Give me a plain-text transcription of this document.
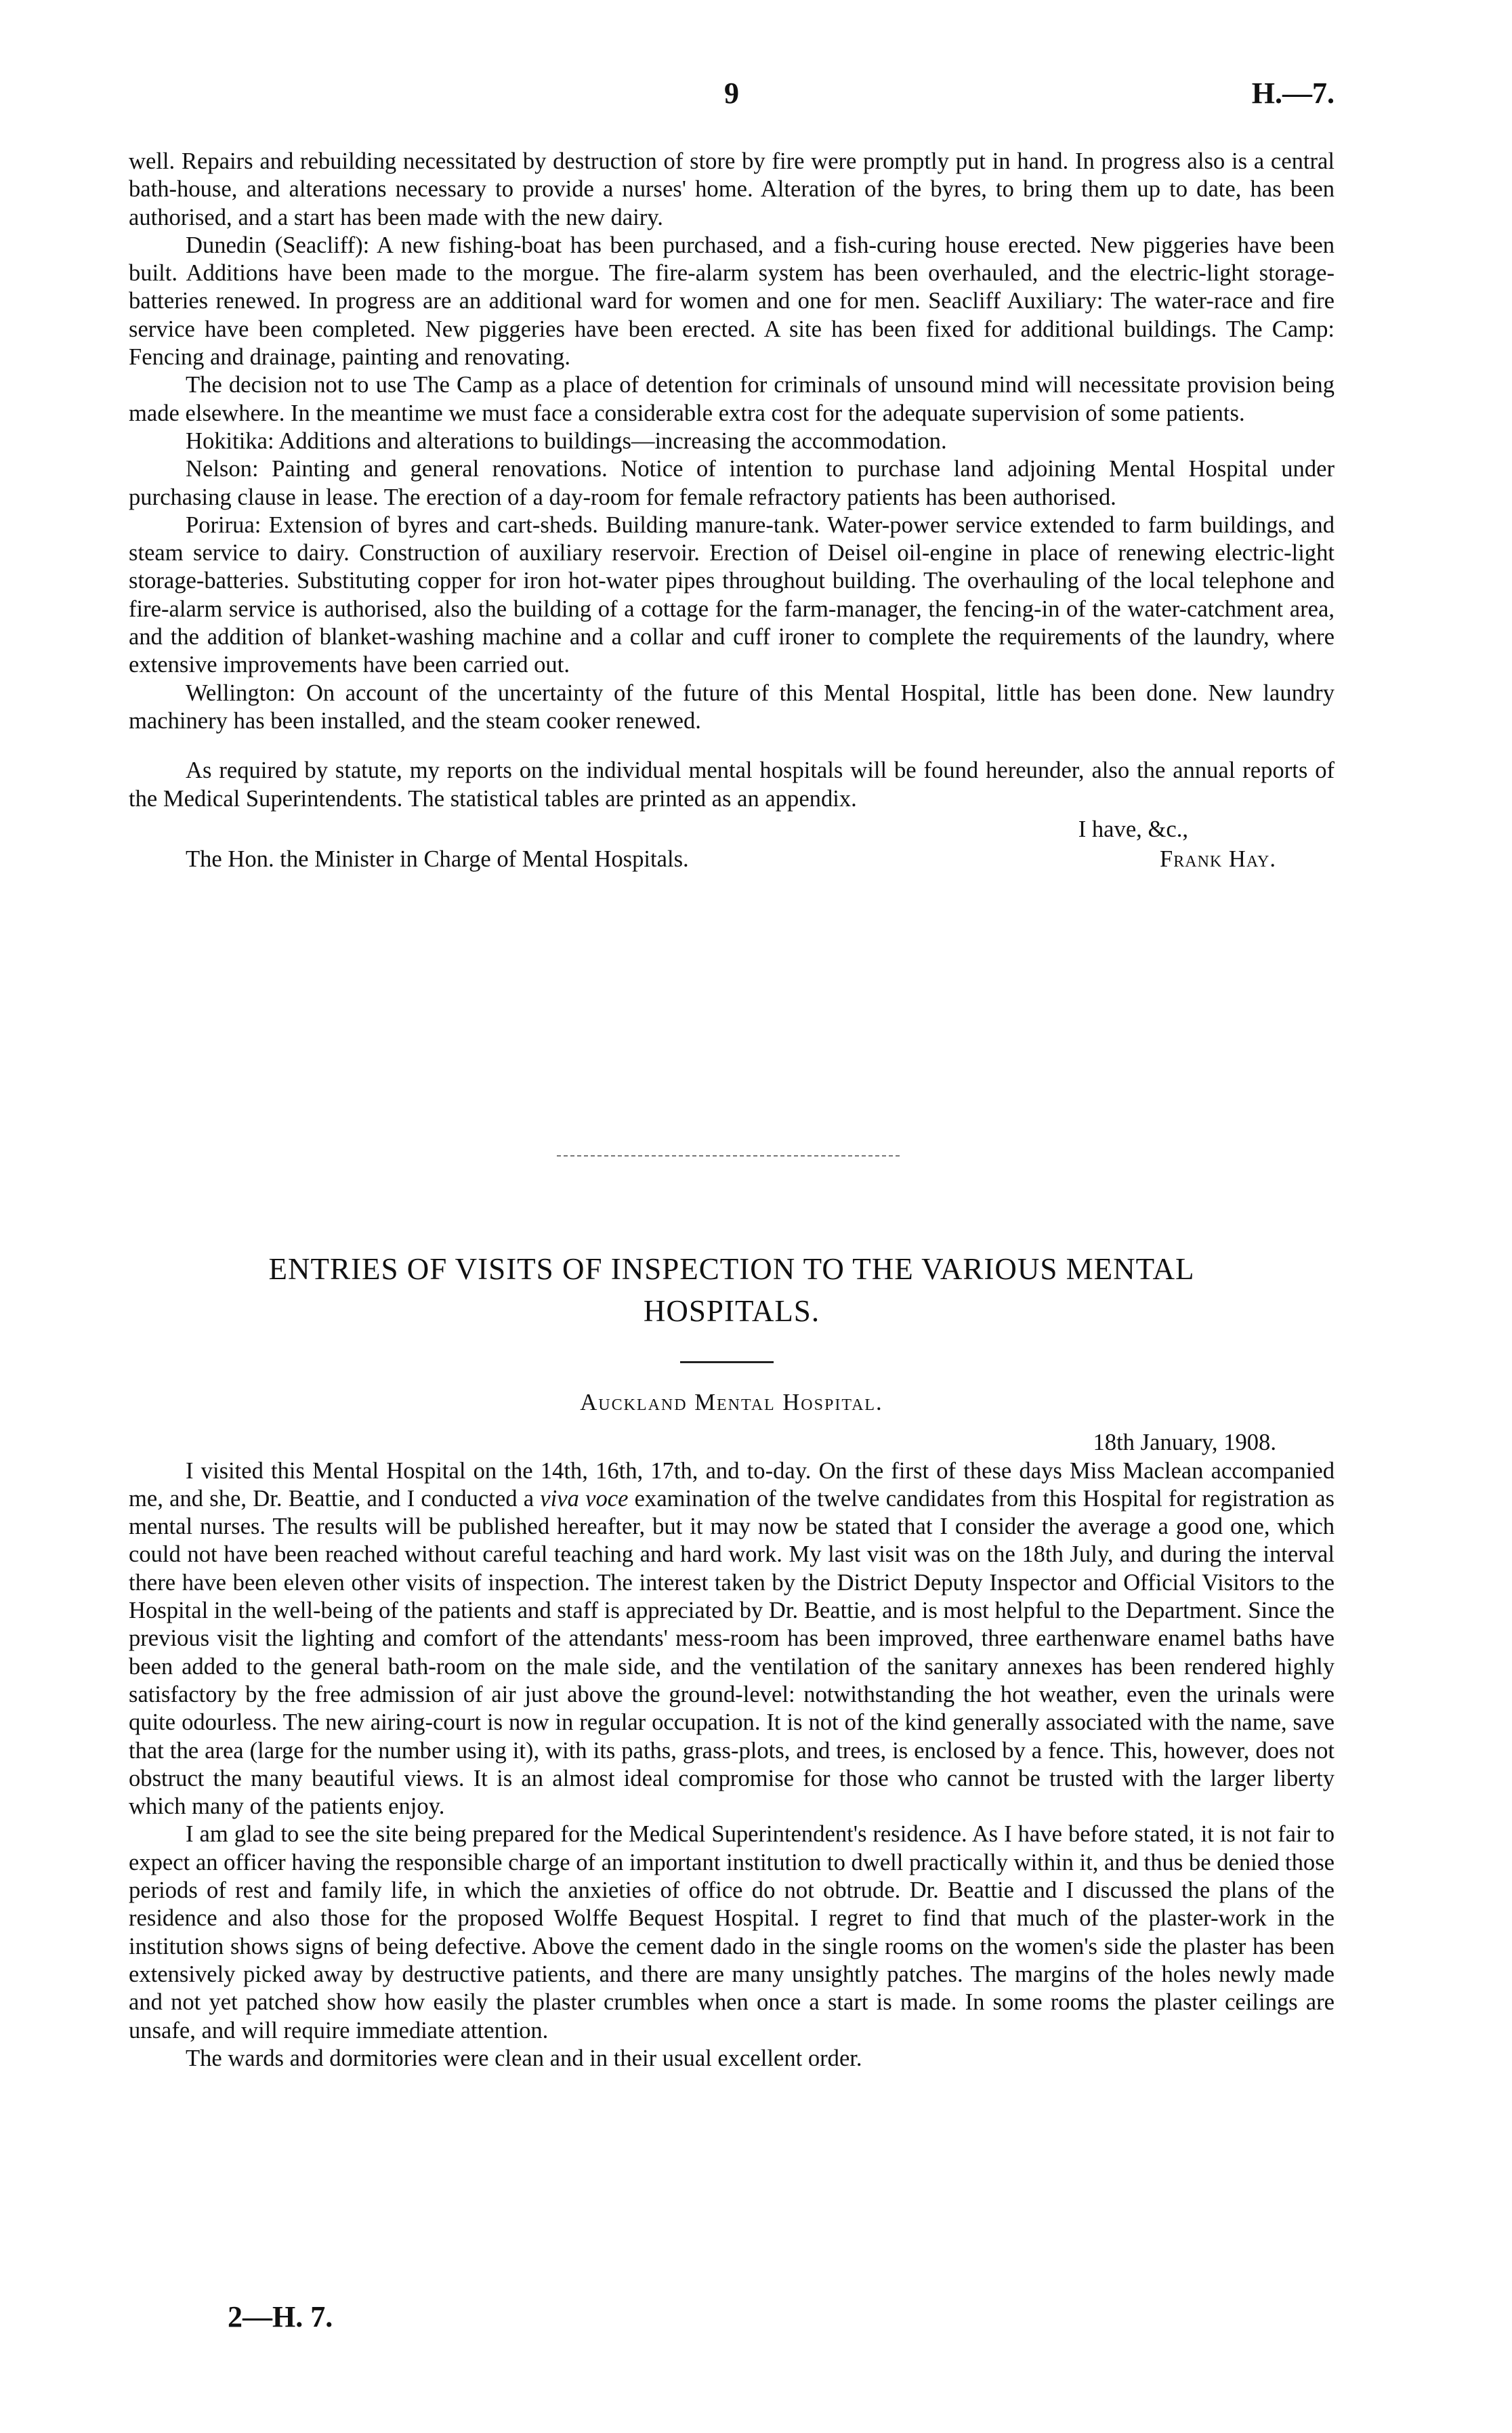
9	H.—7.

well. Repairs and rebuilding necessitated by destruction of store by fire were promptly put in hand. In progress also is a central bath-house, and alterations necessary to provide a nurses' home. Alteration of the byres, to bring them up to date, has been authorised, and a start has been made with the new dairy.

Dunedin (Seacliff): A new fishing-boat has been purchased, and a fish-curing house erected. New piggeries have been built. Additions have been made to the morgue. The fire-alarm system has been overhauled, and the electric-light storage-batteries renewed. In progress are an additional ward for women and one for men. Seacliff Auxiliary: The water-race and fire service have been completed. New piggeries have been erected. A site has been fixed for additional buildings. The Camp: Fencing and drainage, painting and renovating.

The decision not to use The Camp as a place of detention for criminals of unsound mind will necessitate provision being made elsewhere. In the meantime we must face a considerable extra cost for the adequate supervision of some patients.

Hokitika: Additions and alterations to buildings—increasing the accommodation.

Nelson: Painting and general renovations. Notice of intention to purchase land adjoining Mental Hospital under purchasing clause in lease. The erection of a day-room for female refractory patients has been authorised.

Porirua: Extension of byres and cart-sheds. Building manure-tank. Water-power service extended to farm buildings, and steam service to dairy. Construction of auxiliary reservoir. Erection of Deisel oil-engine in place of renewing electric-light storage-batteries. Substituting copper for iron hot-water pipes throughout building. The overhauling of the local telephone and fire-alarm service is authorised, also the building of a cottage for the farm-manager, the fencing-in of the water-catchment area, and the addition of blanket-washing machine and a collar and cuff ironer to complete the requirements of the laundry, where extensive improvements have been carried out.

Wellington: On account of the uncertainty of the future of this Mental Hospital, little has been done. New laundry machinery has been installed, and the steam cooker renewed.

As required by statute, my reports on the individual mental hospitals will be found hereunder, also the annual reports of the Medical Superintendents. The statistical tables are printed as an appendix.

I have, &c.,
Frank Hay.
The Hon. the Minister in Charge of Mental Hospitals.
ENTRIES OF VISITS OF INSPECTION TO THE VARIOUS MENTAL
HOSPITALS.

Auckland Mental Hospital.

18th January, 1908.

I visited this Mental Hospital on the 14th, 16th, 17th, and to-day. On the first of these days Miss Maclean accompanied me, and she, Dr. Beattie, and I conducted a viva voce examination of the twelve candidates from this Hospital for registration as mental nurses. The results will be published hereafter, but it may now be stated that I consider the average a good one, which could not have been reached without careful teaching and hard work. My last visit was on the 18th July, and during the interval there have been eleven other visits of inspection. The interest taken by the District Deputy Inspector and Official Visitors to the Hospital in the well-being of the patients and staff is appreciated by Dr. Beattie, and is most helpful to the Department. Since the previous visit the lighting and comfort of the attendants' mess-room has been improved, three earthenware enamel baths have been added to the general bath-room on the male side, and the ventilation of the sanitary annexes has been rendered highly satisfactory by the free admission of air just above the ground-level: notwithstanding the hot weather, even the urinals were quite odourless. The new airing-court is now in regular occupation. It is not of the kind generally associated with the name, save that the area (large for the number using it), with its paths, grass-plots, and trees, is enclosed by a fence. This, however, does not obstruct the many beautiful views. It is an almost ideal compromise for those who cannot be trusted with the larger liberty which many of the patients enjoy.

I am glad to see the site being prepared for the Medical Superintendent's residence. As I have before stated, it is not fair to expect an officer having the responsible charge of an important institution to dwell practically within it, and thus be denied those periods of rest and family life, in which the anxieties of office do not obtrude. Dr. Beattie and I discussed the plans of the residence and also those for the proposed Wolffe Bequest Hospital. I regret to find that much of the plaster-work in the institution shows signs of being defective. Above the cement dado in the single rooms on the women's side the plaster has been extensively picked away by destructive patients, and there are many unsightly patches. The margins of the holes newly made and not yet patched show how easily the plaster crumbles when once a start is made. In some rooms the plaster ceilings are unsafe, and will require immediate attention.

The wards and dormitories were clean and in their usual excellent order.

2—H. 7.
